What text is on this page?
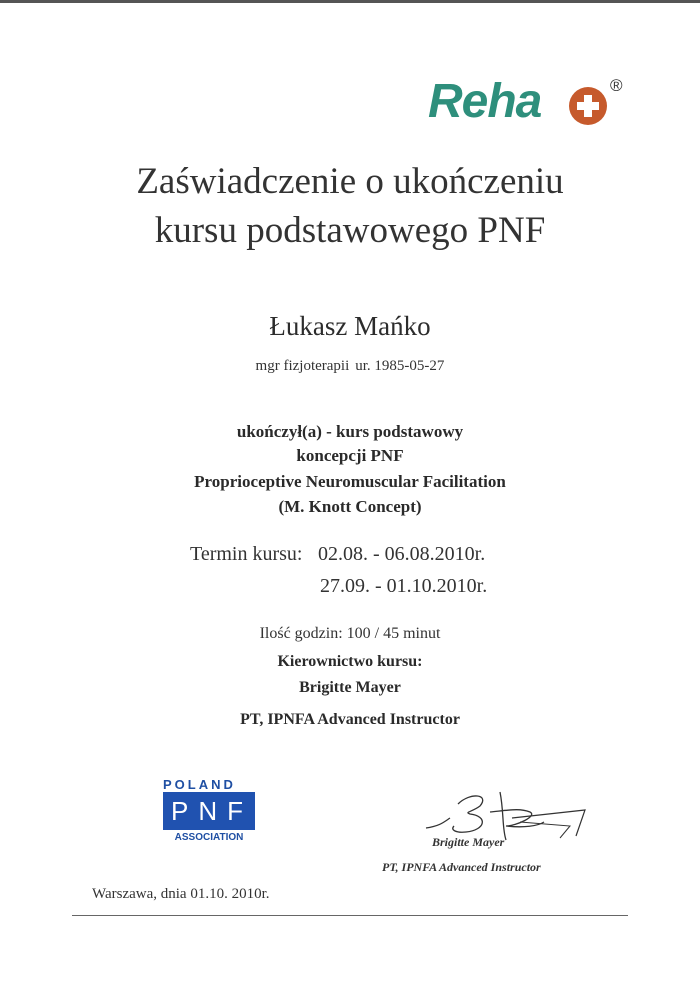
Reha	®
Zaświadczenie o ukończeniu
kursu podstawowego PNF
Łukasz Mańko
mgr fizjoterapii ur. 1985-05-27
ukończył(a) - kurs podstawowy
koncepcji PNF
Proprioceptive Neuromuscular Facilitation
(M. Knott Concept)
Termin kursu: 02.08. - 06.08.2010r.
27.09. - 01.10.2010r.
Ilość godzin: 100 / 45 minut
Kierownictwo kursu:
Brigitte Mayer
PT, IPNFA Advanced Instructor
POLAND
PNF
ASSOCIATION	Brigitte Mayer
PT, IPNFA Advanced Instructor
Warszawa, dnia 01.10. 2010r.
